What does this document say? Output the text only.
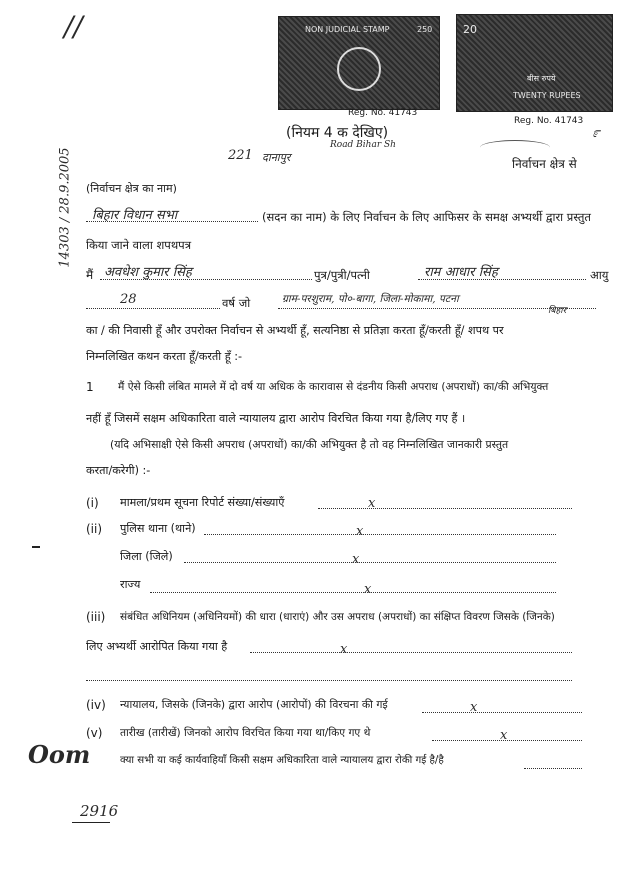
NON JUDICIAL STAMP	250	20
बीस रुपये
TWENTY RUPEES
Reg. No. 41743
Reg. No. 41743
Road Bihar Sh
೯
//
14303 / 28.9.2005
(नियम 4 क देखिए)
221 दानापुर	निर्वाचन क्षेत्र से
(निर्वाचन क्षेत्र का नाम)
बिहार विधान सभा	(सदन का नाम) के लिए निर्वाचन के लिए आफिसर के समक्ष अभ्यर्थी द्वारा प्रस्तुत
किया जाने वाला शपथपत्र
मैं अवधेश कुमार सिंह	पुत्र/पुत्री/पत्नी	राम आधार सिंह	आयु
28	वर्ष जो	ग्राम-परशुराम, पो०-बागा, जिला-मोकामा, पटना
बिहार
का / की निवासी हूँ और उपरोक्त निर्वाचन से अभ्यर्थी हूँ, सत्यनिष्ठा से प्रतिज्ञा करता हूँ/करती हूँ/ शपथ पर
निम्नलिखित कथन करता हूँ/करती हूँ :-
1 मैं ऐसे किसी लंबित मामले में दो वर्ष या अधिक के कारावास से दंडनीय किसी अपराध (अपराधों) का/की अभियुक्त
नहीं हूँ जिसमें सक्षम अधिकारिता वाले न्यायालय द्वारा आरोप विरचित किया गया है/लिए गए हैं ।
(यदि अभिसाक्षी ऐसे किसी अपराध (अपराधों) का/की अभियुक्त है तो वह निम्नलिखित जानकारी प्रस्तुत
करता/करेगी) :-
(i) मामला/प्रथम सूचना रिपोर्ट संख्या/संख्याएँ	x
(ii) पुलिस थाना (थाने)	x
जिला (जिले)	x
राज्य	x
(iii) संबंधित अधिनियम (अधिनियमों) की धारा (धाराएं) और उस अपराध (अपराधों) का संक्षिप्त विवरण जिसके (जिनके)
लिए अभ्यर्थी आरोपित किया गया है	x
(iv) न्यायालय, जिसके (जिनके) द्वारा आरोप (आरोपों) की विरचना की गई	x
(v) तारीख (तारीखें) जिनको आरोप विरचित किया गया था/किए गए थे	x
क्या सभी या कई कार्यवाहियाँ किसी सक्षम अधिकारिता वाले न्यायालय द्वारा रोकी गई है/है
Oom
2916
